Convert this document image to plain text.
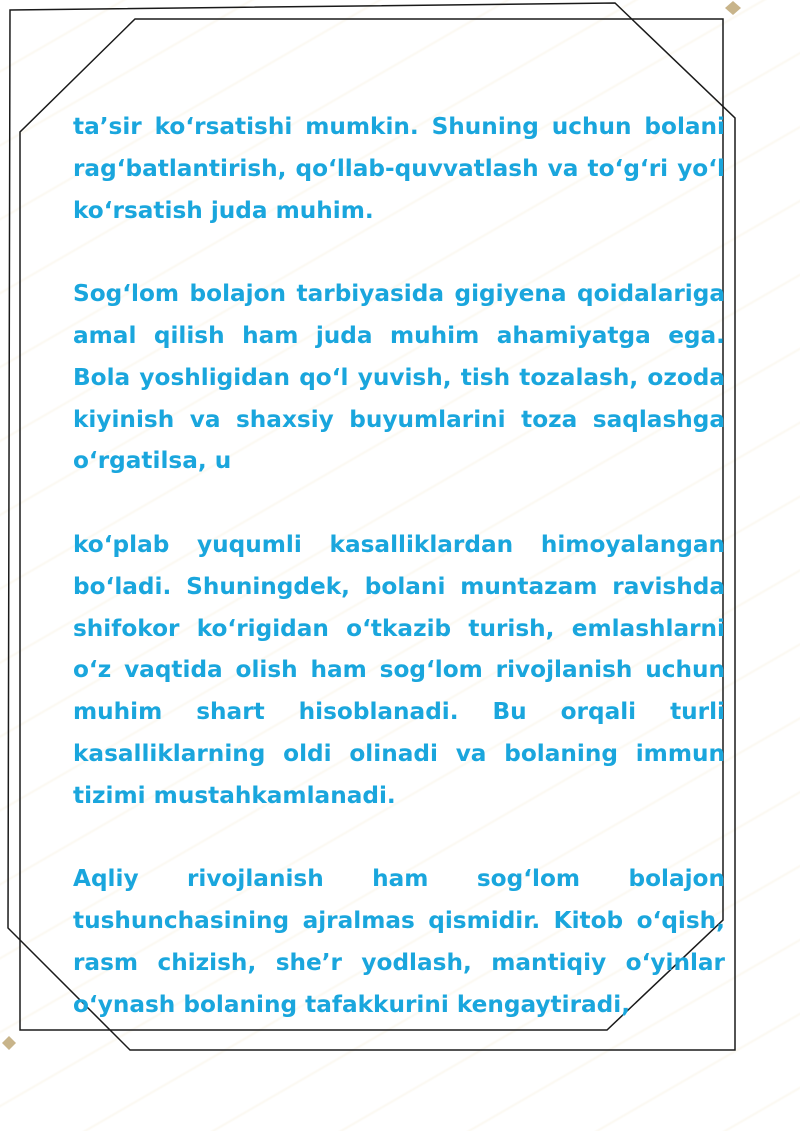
ta’sir ko‘rsatishi mumkin. Shuning uchun bolani rag‘batlantirish, qo‘llab-quvvatlash va to‘g‘ri yo‘l ko‘rsatish juda muhim.

Sog‘lom bolajon tarbiyasida gigiyena qoidalariga amal qilish ham juda muhim ahamiyatga ega. Bola yoshligidan qo‘l yuvish, tish tozalash, ozoda kiyinish va shaxsiy buyumlarini toza saqlashga o‘rgatilsa, u

ko‘plab yuqumli kasalliklardan himoyalangan bo‘ladi. Shuningdek, bolani muntazam ravishda shifokor ko‘rigidan o‘tkazib turish, emlashlarni o‘z vaqtida olish ham sog‘lom rivojlanish uchun muhim shart hisoblanadi. Bu orqali turli kasalliklarning oldi olinadi va bolaning immun tizimi mustahkamlanadi.

Aqliy rivojlanish ham sog‘lom bolajon tushunchasining ajralmas qismidir. Kitob o‘qish, rasm chizish, she’r yodlash, mantiqiy o‘yinlar o‘ynash bolaning tafakkurini kengaytiradi,
